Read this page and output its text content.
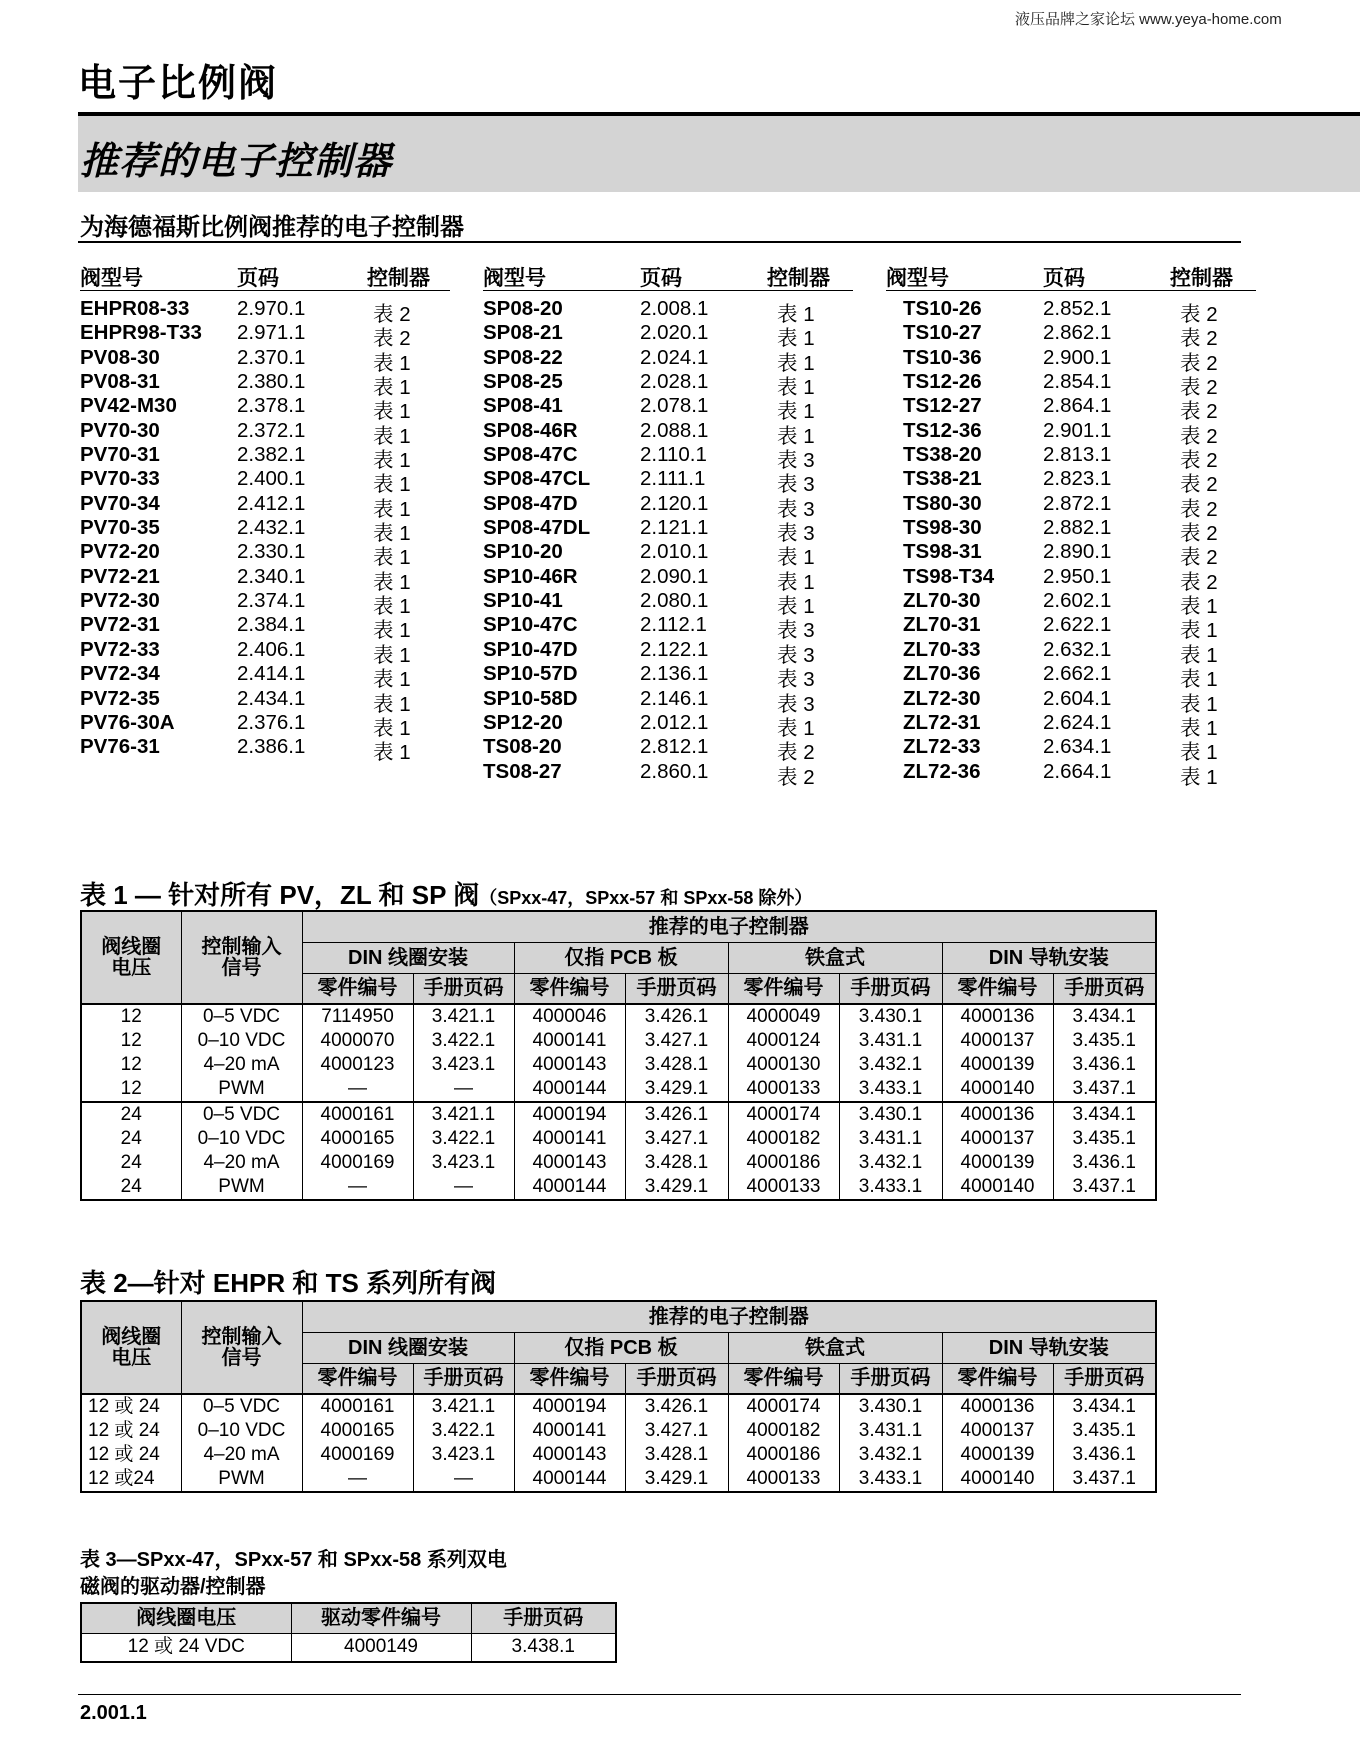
液压品牌之家论坛 www.yeya-home.com
电子比例阀
推荐的电子控制器
为海德福斯比例阀推荐的电子控制器
阀型号	页码	控制器
EHPR08-33 2.970.1	表 2
EHPR98-T33 2.971.1	表 2
PV08-30	2.370.1	表 1
PV08-31	2.380.1	表 1
PV42-M30	2.378.1	表 1
PV70-30	2.372.1	表 1
PV70-31	2.382.1	表 1
PV70-33	2.400.1	表 1
PV70-34	2.412.1	表 1
PV70-35	2.432.1	表 1
PV72-20	2.330.1	表 1
PV72-21	2.340.1	表 1
PV72-30	2.374.1	表 1
PV72-31	2.384.1	表 1
PV72-33	2.406.1	表 1
PV72-34	2.414.1	表 1
PV72-35	2.434.1	表 1
PV76-30A	2.376.1	表 1
PV76-31	2.386.1	表 1
阀型号	页码	控制器
SP08-20	2.008.1	表 1
SP08-21	2.020.1	表 1
SP08-22	2.024.1	表 1
SP08-25	2.028.1	表 1
SP08-41	2.078.1	表 1
SP08-46R	2.088.1	表 1
SP08-47C	2.110.1	表 3
SP08-47CL 2.111.1	表 3
SP08-47D	2.120.1	表 3
SP08-47DL 2.121.1	表 3
SP10-20	2.010.1	表 1
SP10-46R	2.090.1	表 1
SP10-41	2.080.1	表 1
SP10-47C	2.112.1	表 3
SP10-47D	2.122.1	表 3
SP10-57D	2.136.1	表 3
SP10-58D	2.146.1	表 3
SP12-20	2.012.1	表 1
TS08-20	2.812.1	表 2
TS08-27	2.860.1	表 2
阀型号	页码	控制器
TS10-26	2.852.1	表 2
TS10-27	2.862.1	表 2
TS10-36	2.900.1	表 2
TS12-26	2.854.1	表 2
TS12-27	2.864.1	表 2
TS12-36	2.901.1	表 2
TS38-20	2.813.1	表 2
TS38-21	2.823.1	表 2
TS80-30	2.872.1	表 2
TS98-30	2.882.1	表 2
TS98-31	2.890.1	表 2
TS98-T34 2.950.1	表 2
ZL70-30	2.602.1	表 1
ZL70-31	2.622.1	表 1
ZL70-33	2.632.1	表 1
ZL70-36	2.662.1	表 1
ZL72-30	2.604.1	表 1
ZL72-31	2.624.1	表 1
ZL72-33	2.634.1	表 1
ZL72-36	2.664.1	表 1
表 1 — 针对所有 PV，ZL 和 SP 阀（SPxx-47，SPxx-57 和 SPxx-58 除外）
阀线圈电压	控制输入信号	推荐的电子控制器							
		DIN 线圈安装		仅指 PCB 板		铁盒式		DIN 导轨安装	
		零件编号	手册页码	零件编号	手册页码	零件编号	手册页码	零件编号	手册页码
12	0–5 VDC	7114950	3.421.1	4000046	3.426.1	4000049	3.430.1	4000136	3.434.1
12	0–10 VDC	4000070	3.422.1	4000141	3.427.1	4000124	3.431.1	4000137	3.435.1
12	4–20 mA	4000123	3.423.1	4000143	3.428.1	4000130	3.432.1	4000139	3.436.1
12	PWM	—	—	4000144	3.429.1	4000133	3.433.1	4000140	3.437.1
24	0–5 VDC	4000161	3.421.1	4000194	3.426.1	4000174	3.430.1	4000136	3.434.1
24	0–10 VDC	4000165	3.422.1	4000141	3.427.1	4000182	3.431.1	4000137	3.435.1
24	4–20 mA	4000169	3.423.1	4000143	3.428.1	4000186	3.432.1	4000139	3.436.1
24	PWM	—	—	4000144	3.429.1	4000133	3.433.1	4000140	3.437.1
表 2—针对 EHPR 和 TS 系列所有阀
阀线圈电压	控制输入信号	推荐的电子控制器							
		DIN 线圈安装		仅指 PCB 板		铁盒式		DIN 导轨安装	
		零件编号	手册页码	零件编号	手册页码	零件编号	手册页码	零件编号	手册页码
12 或 24	0–5 VDC	4000161	3.421.1	4000194	3.426.1	4000174	3.430.1	4000136	3.434.1
12 或 24	0–10 VDC	4000165	3.422.1	4000141	3.427.1	4000182	3.431.1	4000137	3.435.1
12 或 24	4–20 mA	4000169	3.423.1	4000143	3.428.1	4000186	3.432.1	4000139	3.436.1
12 或24	PWM	—	—	4000144	3.429.1	4000133	3.433.1	4000140	3.437.1
表 3—SPxx-47，SPxx-57 和 SPxx-58 系列双电
磁阀的驱动器/控制器
阀线圈电压	驱动零件编号	手册页码
12 或 24 VDC	4000149	3.438.1
2.001.1
